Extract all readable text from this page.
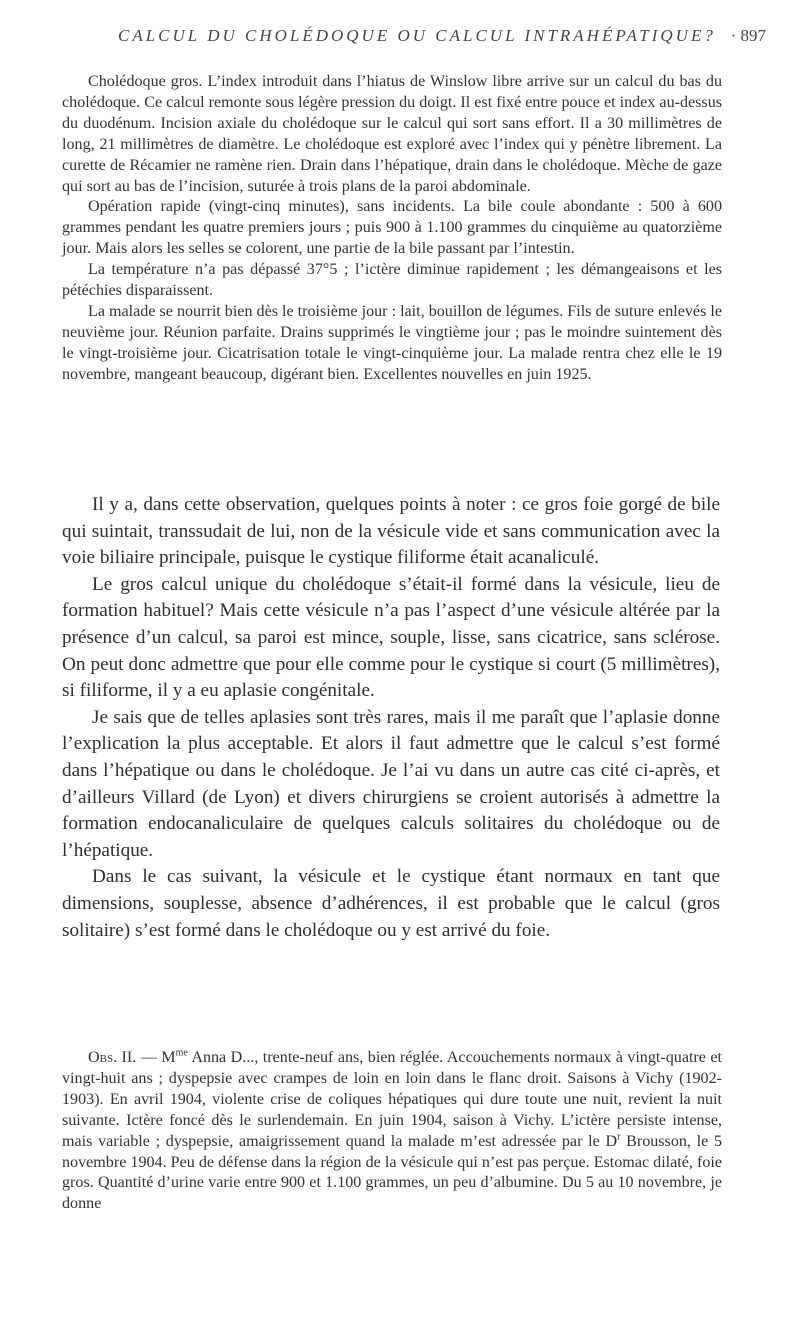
CALCUL DU CHOLÉDOQUE OU CALCUL INTRAHÉPATIQUE? · 897

Cholédoque gros. L’index introduit dans l’hiatus de Winslow libre arrive sur un calcul du bas du cholédoque. Ce calcul remonte sous légère pression du doigt. Il est fixé entre pouce et index au-dessus du duodénum. Incision axiale du cholédoque sur le calcul qui sort sans effort. Il a 30 millimètres de long, 21 millimètres de diamètre. Le cholédoque est exploré avec l’index qui y pénètre librement. La curette de Récamier ne ramène rien. Drain dans l’hépatique, drain dans le cholédoque. Mèche de gaze qui sort au bas de l’incision, suturée à trois plans de la paroi abdominale.

Opération rapide (vingt-cinq minutes), sans incidents. La bile coule abondante : 500 à 600 grammes pendant les quatre premiers jours ; puis 900 à 1.100 grammes du cinquième au quatorzième jour. Mais alors les selles se colorent, une partie de la bile passant par l’intestin.

La température n’a pas dépassé 37°5 ; l’ictère diminue rapidement ; les démangeaisons et les pétéchies disparaissent.

La malade se nourrit bien dès le troisième jour : lait, bouillon de légumes. Fils de suture enlevés le neuvième jour. Réunion parfaite. Drains supprimés le vingtième jour ; pas le moindre suintement dès le vingt-troisième jour. Cicatrisation totale le vingt-cinquième jour. La malade rentra chez elle le 19 novembre, mangeant beaucoup, digérant bien. Excellentes nouvelles en juin 1925.

Il y a, dans cette observation, quelques points à noter : ce gros foie gorgé de bile qui suintait, transsudait de lui, non de la vésicule vide et sans communication avec la voie biliaire principale, puisque le cystique filiforme était acanaliculé.

Le gros calcul unique du cholédoque s’était-il formé dans la vésicule, lieu de formation habituel? Mais cette vésicule n’a pas l’aspect d’une vésicule altérée par la présence d’un calcul, sa paroi est mince, souple, lisse, sans cicatrice, sans sclérose. On peut donc admettre que pour elle comme pour le cystique si court (5 millimètres), si filiforme, il y a eu aplasie congénitale.

Je sais que de telles aplasies sont très rares, mais il me paraît que l’aplasie donne l’explication la plus acceptable. Et alors il faut admettre que le calcul s’est formé dans l’hépatique ou dans le cholédoque. Je l’ai vu dans un autre cas cité ci-après, et d’ailleurs Villard (de Lyon) et divers chirurgiens se croient autorisés à admettre la formation endocanaliculaire de quelques calculs solitaires du cholédoque ou de l’hépatique.

Dans le cas suivant, la vésicule et le cystique étant normaux en tant que dimensions, souplesse, absence d’adhérences, il est probable que le calcul (gros solitaire) s’est formé dans le cholédoque ou y est arrivé du foie.

Obs. II. — $M^{me}$ Anna D..., trente-neuf ans, bien réglée. Accouchements normaux à vingt-quatre et vingt-huit ans ; dyspepsie avec crampes de loin en loin dans le flanc droit. Saisons à Vichy (1902-1903). En avril 1904, violente crise de coliques hépatiques qui dure toute une nuit, revient la nuit suivante. Ictère foncé dès le surlendemain. En juin 1904, saison à Vichy. L’ictère persiste intense, mais variable ; dyspepsie, amaigrissement quand la malade m’est adressée par le $D^r$ Brousson, le 5 novembre 1904. Peu de défense dans la région de la vésicule qui n’est pas perçue. Estomac dilaté, foie gros. Quantité d’urine varie entre 900 et 1.100 grammes, un peu d’albumine. Du 5 au 10 novembre, je donne
